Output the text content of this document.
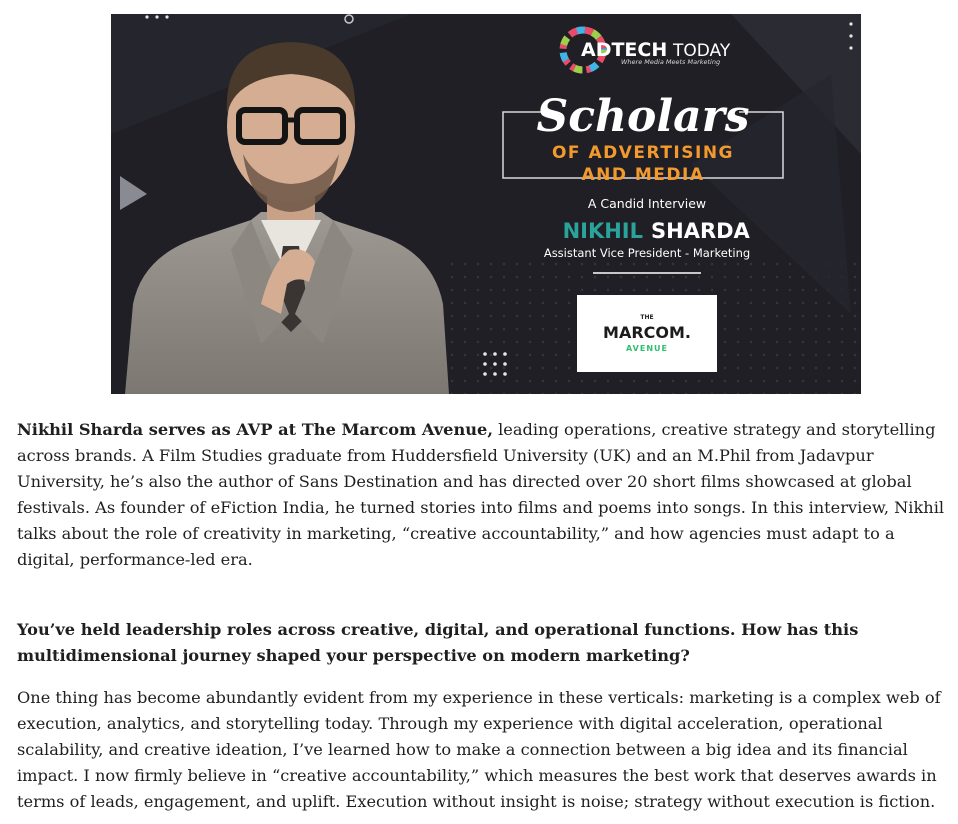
ADTECH TODAY
Where Media Meets Marketing
Scholars
OF ADVERTISING
AND MEDIA
A Candid Interview
NIKHIL SHARDA
Assistant Vice President - Marketing
THE
MARCOM.
AVENUE

Nikhil Sharda serves as AVP at The Marcom Avenue, leading operations, creative strategy and storytelling across brands. A Film Studies graduate from Huddersfield University (UK) and an M.Phil from Jadavpur University, he’s also the author of Sans Destination and has directed over 20 short films showcased at global festivals. As founder of eFiction India, he turned stories into films and poems into songs. In this interview, Nikhil talks about the role of creativity in marketing, “creative accountability,” and how agencies must adapt to a digital, performance-led era.

You’ve held leadership roles across creative, digital, and operational functions. How has this multidimensional journey shaped your perspective on modern marketing?

One thing has become abundantly evident from my experience in these verticals: marketing is a complex web of execution, analytics, and storytelling today. Through my experience with digital acceleration, operational scalability, and creative ideation, I’ve learned how to make a connection between a big idea and its financial impact. I now firmly believe in “creative accountability,” which measures the best work that deserves awards in terms of leads, engagement, and uplift. Execution without insight is noise; strategy without execution is fiction.
